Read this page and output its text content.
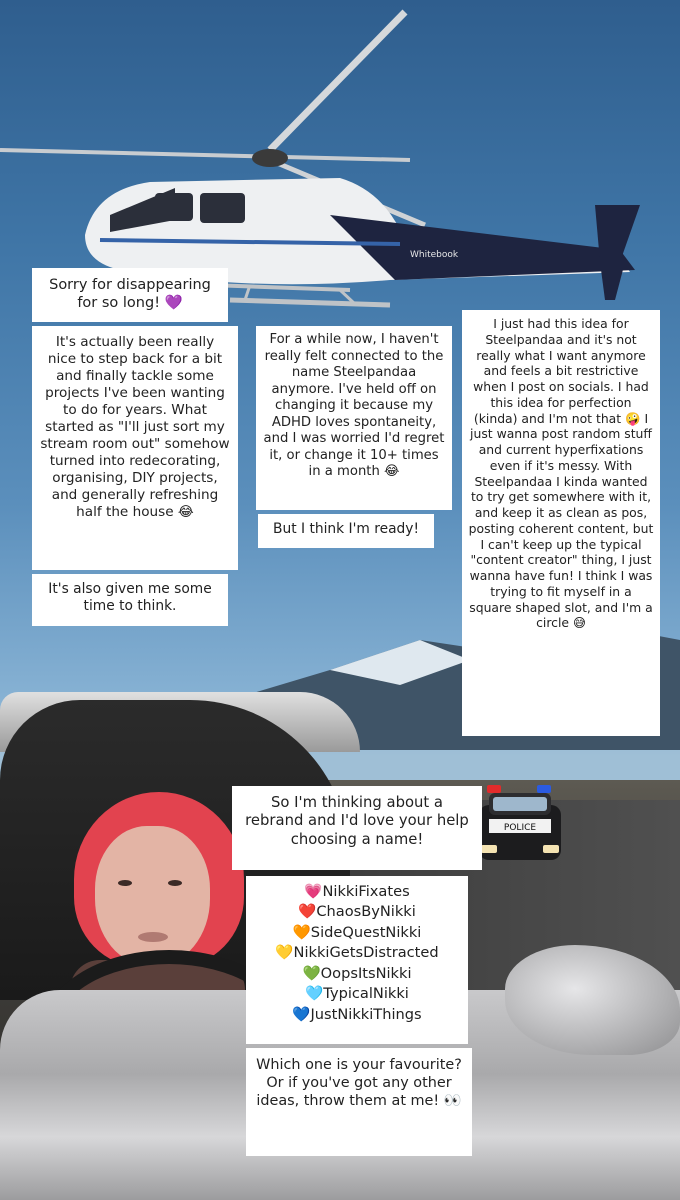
POLICE
Whitebook

Sorry for disappearing for so long! 💜

It's actually been really nice to step back for a bit and finally tackle some projects I've been wanting to do for years. What started as "I'll just sort my stream room out" somehow turned into redecorating, organising, DIY projects, and generally refreshing half the house 😂

It's also given me some time to think.

For a while now, I haven't really felt connected to the name Steelpandaa anymore. I've held off on changing it because my ADHD loves spontaneity, and I was worried I'd regret it, or change it 10+ times in a month 😂

But I think I'm ready!

I just had this idea for Steelpandaa and it's not really what I want anymore and feels a bit restrictive when I post on socials. I had this idea for perfection (kinda) and I'm not that 🤪 I just wanna post random stuff and current hyperfixations even if it's messy. With Steelpandaa I kinda wanted to try get somewhere with it, and keep it as clean as pos, posting coherent content, but I can't keep up the typical "content creator" thing, I just wanna have fun! I think I was trying to fit myself in a square shaped slot, and I'm a circle 😅

So I'm thinking about a rebrand and I'd love your help choosing a name!

💗NikkiFixates

❤️ChaosByNikki

🧡SideQuestNikki

💛NikkiGetsDistracted

💚OopsItsNikki

🩵TypicalNikki

💙JustNikkiThings

Which one is your favourite? Or if you've got any other ideas, throw them at me! 👀
